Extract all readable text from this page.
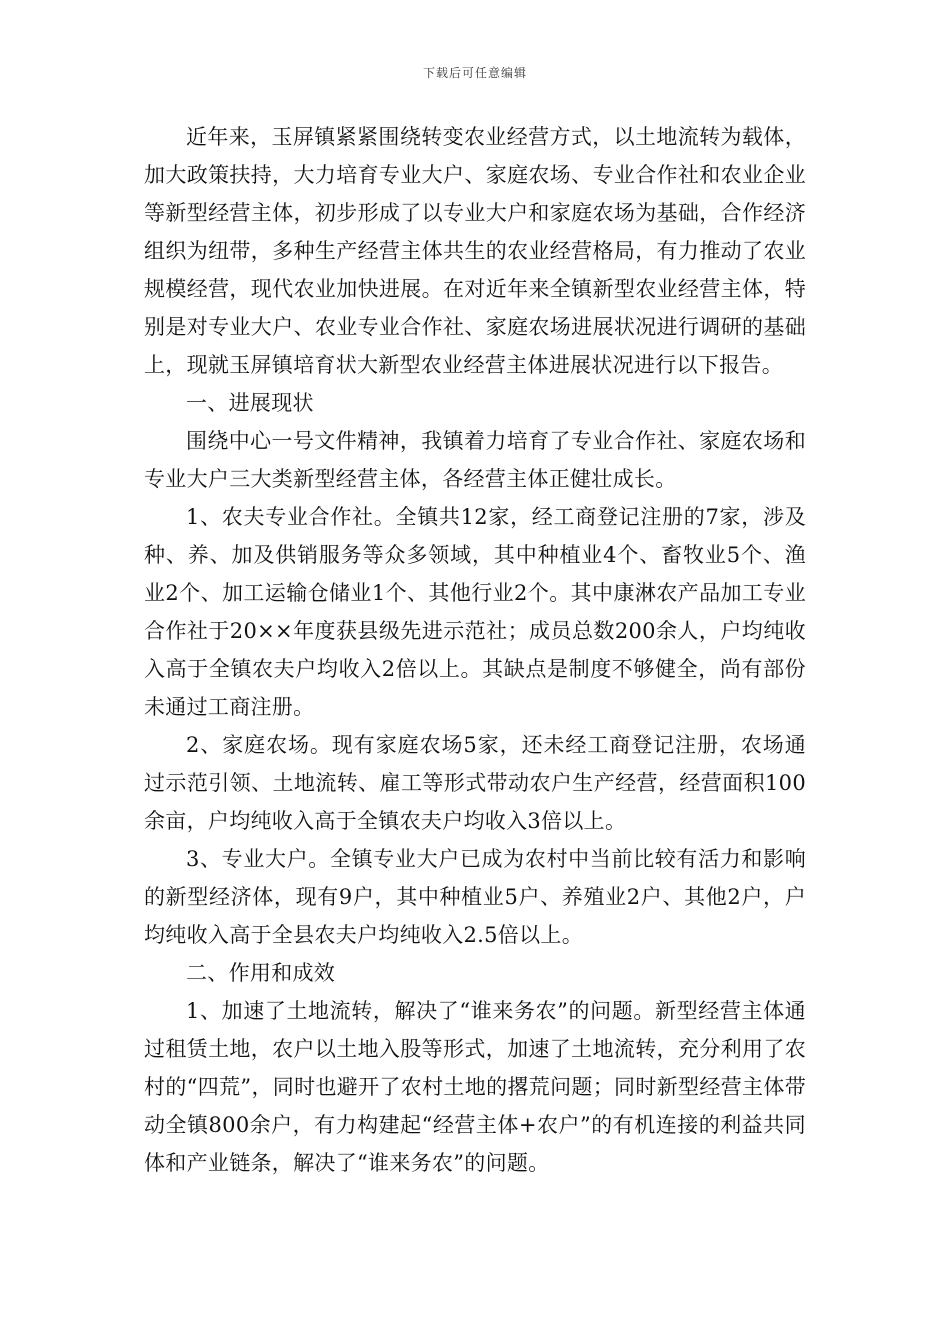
下载后可任意编辑

近年来，玉屏镇紧紧围绕转变农业经营方式，以土地流转为载体，加大政策扶持，大力培育专业大户、家庭农场、专业合作社和农业企业等新型经营主体，初步形成了以专业大户和家庭农场为基础，合作经济组织为纽带，多种生产经营主体共生的农业经营格局，有力推动了农业规模经营，现代农业加快进展。在对近年来全镇新型农业经营主体，特别是对专业大户、农业专业合作社、家庭农场进展状况进行调研的基础上，现就玉屏镇培育状大新型农业经营主体进展状况进行以下报告。

一、进展现状

围绕中心一号文件精神，我镇着力培育了专业合作社、家庭农场和专业大户三大类新型经营主体，各经营主体正健壮成长。

1、农夫专业合作社。全镇共12家，经工商登记注册的7家，涉及种、养、加及供销服务等众多领域，其中种植业4个、畜牧业5个、渔业2个、加工运输仓储业1个、其他行业2个。其中康淋农产品加工专业合作社于20××年度获县级先进示范社；成员总数200余人，户均纯收入高于全镇农夫户均收入2倍以上。其缺点是制度不够健全，尚有部份未通过工商注册。

2、家庭农场。现有家庭农场5家，还未经工商登记注册，农场通过示范引领、土地流转、雇工等形式带动农户生产经营，经营面积100余亩，户均纯收入高于全镇农夫户均收入3倍以上。

3、专业大户。全镇专业大户已成为农村中当前比较有活力和影响的新型经济体，现有9户，其中种植业5户、养殖业2户、其他2户，户均纯收入高于全县农夫户均纯收入2.5倍以上。

二、作用和成效

1、加速了土地流转，解决了“谁来务农”的问题。新型经营主体通过租赁土地，农户以土地入股等形式，加速了土地流转，充分利用了农村的“四荒”，同时也避开了农村土地的撂荒问题；同时新型经营主体带动全镇800余户，有力构建起“经营主体+农户”的有机连接的利益共同体和产业链条，解决了“谁来务农”的问题。
